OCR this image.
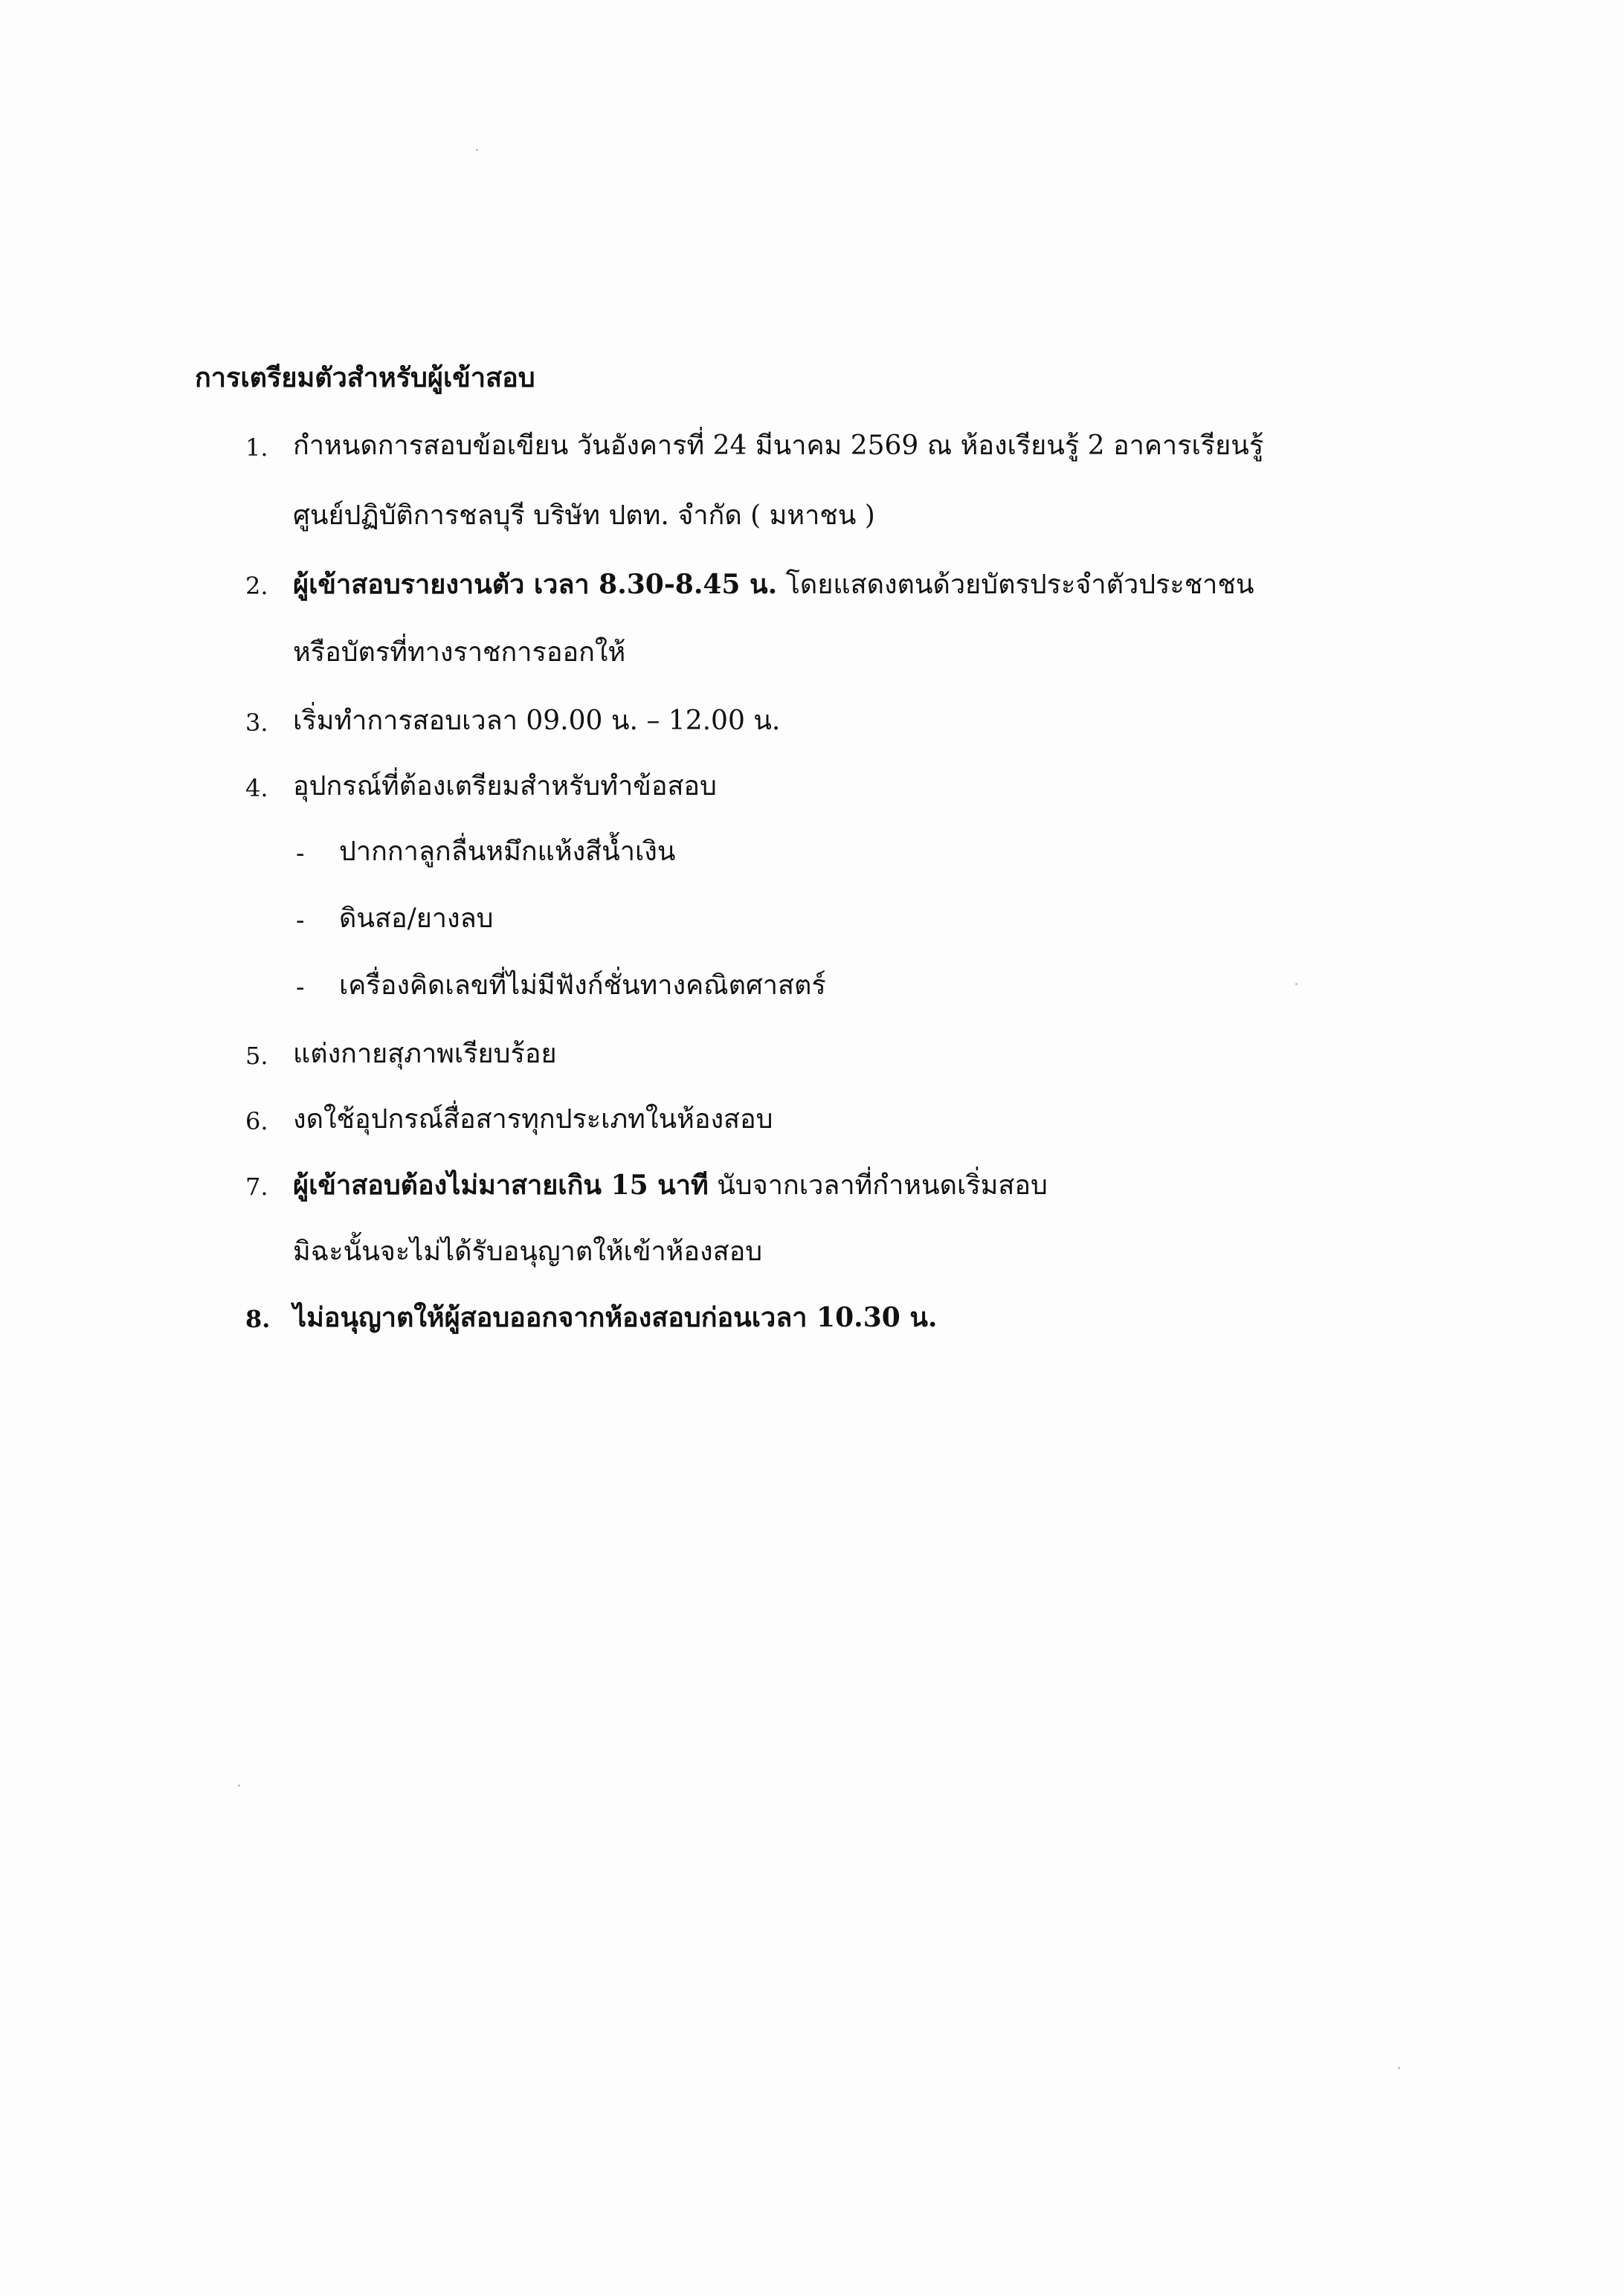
การเตรียมตัวสำหรับผู้เข้าสอบ
1. กำหนดการสอบข้อเขียน วันอังคารที่ 24 มีนาคม 2569 ณ ห้องเรียนรู้ 2 อาคารเรียนรู้
ศูนย์ปฏิบัติการชลบุรี บริษัท ปตท. จำกัด ( มหาชน )
2. ผู้เข้าสอบรายงานตัว เวลา 8.30-8.45 น. โดยแสดงตนด้วยบัตรประจำตัวประชาชน
หรือบัตรที่ทางราชการออกให้
3. เริ่มทำการสอบเวลา 09.00 น. – 12.00 น.
4. อุปกรณ์ที่ต้องเตรียมสำหรับทำข้อสอบ
- ปากกาลูกลื่นหมึกแห้งสีน้ำเงิน
- ดินสอ/ยางลบ
- เครื่องคิดเลขที่ไม่มีฟังก์ชั่นทางคณิตศาสตร์
5. แต่งกายสุภาพเรียบร้อย
6. งดใช้อุปกรณ์สื่อสารทุกประเภทในห้องสอบ
7. ผู้เข้าสอบต้องไม่มาสายเกิน 15 นาที นับจากเวลาที่กำหนดเริ่มสอบ
มิฉะนั้นจะไม่ได้รับอนุญาตให้เข้าห้องสอบ
8. ไม่อนุญาตให้ผู้สอบออกจากห้องสอบก่อนเวลา 10.30 น.
